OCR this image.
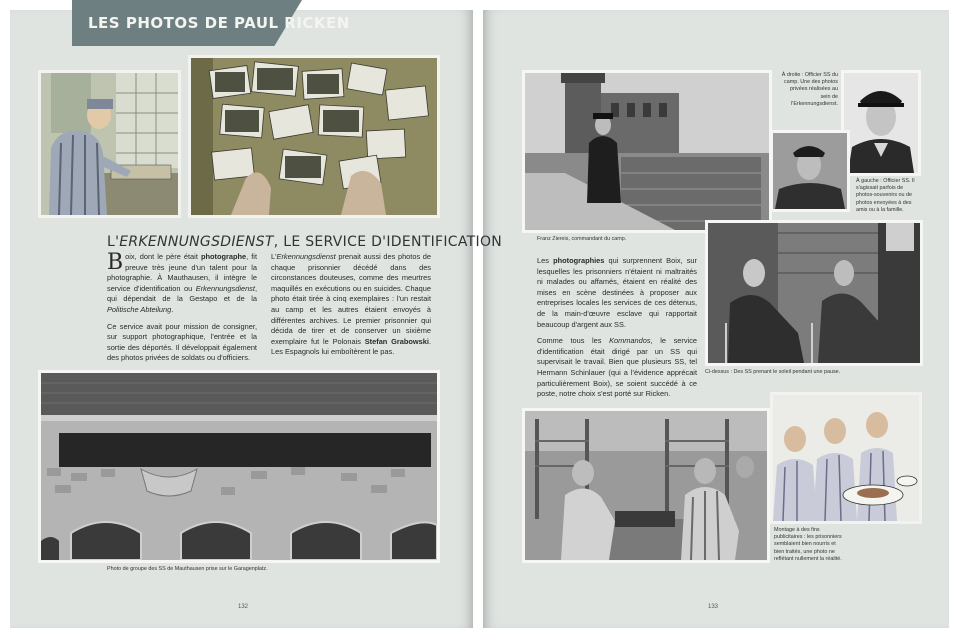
LES PHOTOS DE PAUL RICKEN
L'ERKENNUNGSDIENST, LE SERVICE D'IDENTIFICATION

Boix, dont le père était photographe, fit preuve très jeune d'un talent pour la photographie. À Mauthausen, il intègre le service d'identification ou Erkennungsdienst, qui dépendait de la Gestapo et de la Politische Abteilung.

Ce service avait pour mission de consigner, sur support photographique, l'entrée et la sortie des déportés. Il développait également des photos privées de soldats ou d'officiers.

L'Erkennungsdienst prenait aussi des photos de chaque prisonnier décédé dans des circonstances douteuses, comme des meurtres maquillés en exécutions ou en suicides. Chaque photo était tirée à cinq exemplaires : l'un restait au camp et les autres étaient envoyés à différentes archives. Le premier prisonnier qui décida de tirer et de conserver un sixième exemplaire fut le Polonais Stefan Grabowski. Les Espagnols lui emboîtèrent le pas.

Photo de groupe des SS de Mauthausen prise sur le Garagenplatz.
132
Franz Ziereis, commandant du camp.
À droite : Officier SS du camp. Une des photos privées réalisées au sein de l'Erkennungsdienst.
À gauche : Officier SS. Il s'agissait parfois de photos-souvenirs ou de photos envoyées à des amis ou à la famille.
Ci-dessus : Des SS prenant le soleil pendant une pause.

Les photographies qui surprennent Boix, sur lesquelles les prisonniers n'étaient ni maltraités ni malades ou affamés, étaient en réalité des mises en scène destinées à proposer aux entreprises locales les services de ces détenus, de la main-d'œuvre esclave qui rapportait beaucoup d'argent aux SS.

Comme tous les Kommandos, le service d'identification était dirigé par un SS qui supervisait le travail. Bien que plusieurs SS, tel Hermann Schinlauer (qui a l'évidence apprécait particulièrement Boix), se soient succédé à ce poste, notre choix s'est porté sur Ricken.

Montage à des fins publicitaires : les prisonniers semblaient bien nourris et bien traités, une photo ne reflétant nullement la réalité.
133
